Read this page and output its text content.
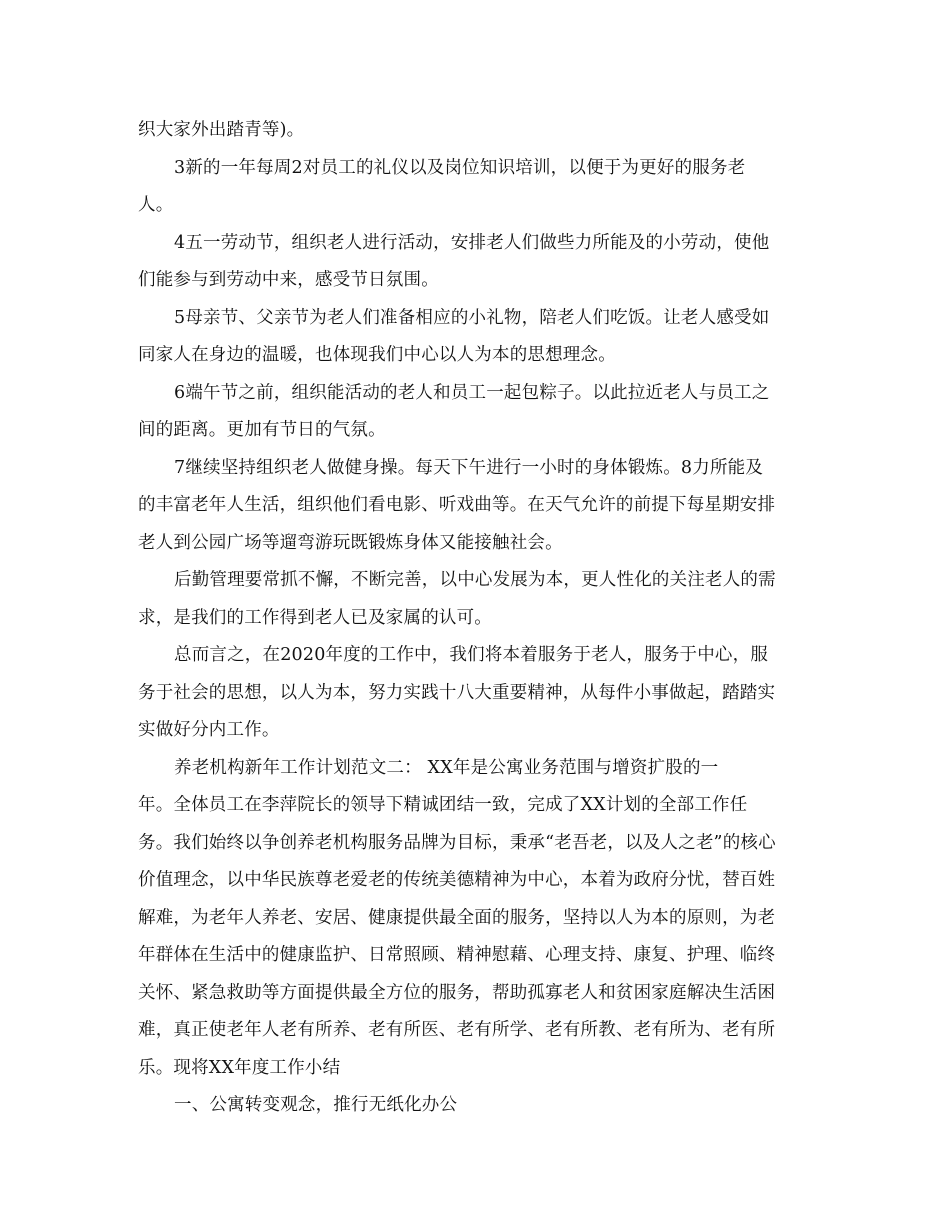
织大家外出踏青等)。
3新的一年每周2对员工的礼仪以及岗位知识培训，以便于为更好的服务老
人。
4五一劳动节，组织老人进行活动，安排老人们做些力所能及的小劳动，使他
们能参与到劳动中来，感受节日氛围。
5母亲节、父亲节为老人们准备相应的小礼物，陪老人们吃饭。让老人感受如
同家人在身边的温暖，也体现我们中心以人为本的思想理念。
6端午节之前，组织能活动的老人和员工一起包粽子。以此拉近老人与员工之
间的距离。更加有节日的气氛。
7继续坚持组织老人做健身操。每天下午进行一小时的身体锻炼。8力所能及
的丰富老年人生活，组织他们看电影、听戏曲等。在天气允许的前提下每星期安排
老人到公园广场等遛弯游玩既锻炼身体又能接触社会。
后勤管理要常抓不懈，不断完善，以中心发展为本，更人性化的关注老人的需
求，是我们的工作得到老人已及家属的认可。
总而言之，在2020年度的工作中，我们将本着服务于老人，服务于中心，服
务于社会的思想，以人为本，努力实践十八大重要精神，从每件小事做起，踏踏实
实做好分内工作。
养老机构新年工作计划范文二： XX年是公寓业务范围与增资扩股的一
年。全体员工在李萍院长的领导下精诚团结一致，完成了XX计划的全部工作任
务。我们始终以争创养老机构服务品牌为目标，秉承“老吾老，以及人之老”的核心
价值理念，以中华民族尊老爱老的传统美德精神为中心，本着为政府分忧，替百姓
解难，为老年人养老、安居、健康提供最全面的服务，坚持以人为本的原则，为老
年群体在生活中的健康监护、日常照顾、精神慰藉、心理支持、康复、护理、临终
关怀、紧急救助等方面提供最全方位的服务，帮助孤寡老人和贫困家庭解决生活困
难，真正使老年人老有所养、老有所医、老有所学、老有所教、老有所为、老有所
乐。现将XX年度工作小结
一、公寓转变观念，推行无纸化办公
